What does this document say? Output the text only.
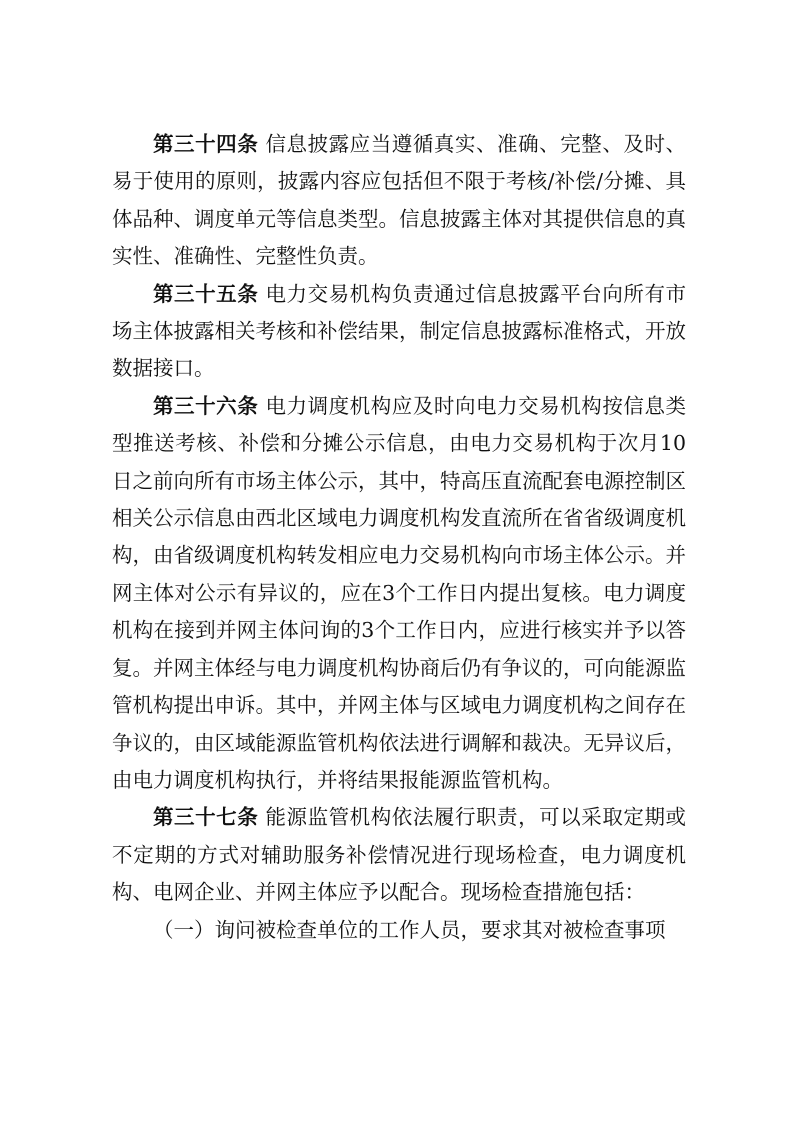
第三十四条 信息披露应当遵循真实、准确、完整、及时、易于使用的原则，披露内容应包括但不限于考核/补偿/分摊、具体品种、调度单元等信息类型。信息披露主体对其提供信息的真实性、准确性、完整性负责。

第三十五条 电力交易机构负责通过信息披露平台向所有市场主体披露相关考核和补偿结果，制定信息披露标准格式，开放数据接口。

第三十六条 电力调度机构应及时向电力交易机构按信息类型推送考核、补偿和分摊公示信息，由电力交易机构于次月10日之前向所有市场主体公示，其中，特高压直流配套电源控制区相关公示信息由西北区域电力调度机构发直流所在省省级调度机构，由省级调度机构转发相应电力交易机构向市场主体公示。并网主体对公示有异议的，应在3个工作日内提出复核。电力调度机构在接到并网主体问询的3个工作日内，应进行核实并予以答复。并网主体经与电力调度机构协商后仍有争议的，可向能源监管机构提出申诉。其中，并网主体与区域电力调度机构之间存在争议的，由区域能源监管机构依法进行调解和裁决。无异议后，由电力调度机构执行，并将结果报能源监管机构。

第三十七条 能源监管机构依法履行职责，可以采取定期或不定期的方式对辅助服务补偿情况进行现场检查，电力调度机构、电网企业、并网主体应予以配合。现场检查措施包括：

（一）询问被检查单位的工作人员，要求其对被检查事项
